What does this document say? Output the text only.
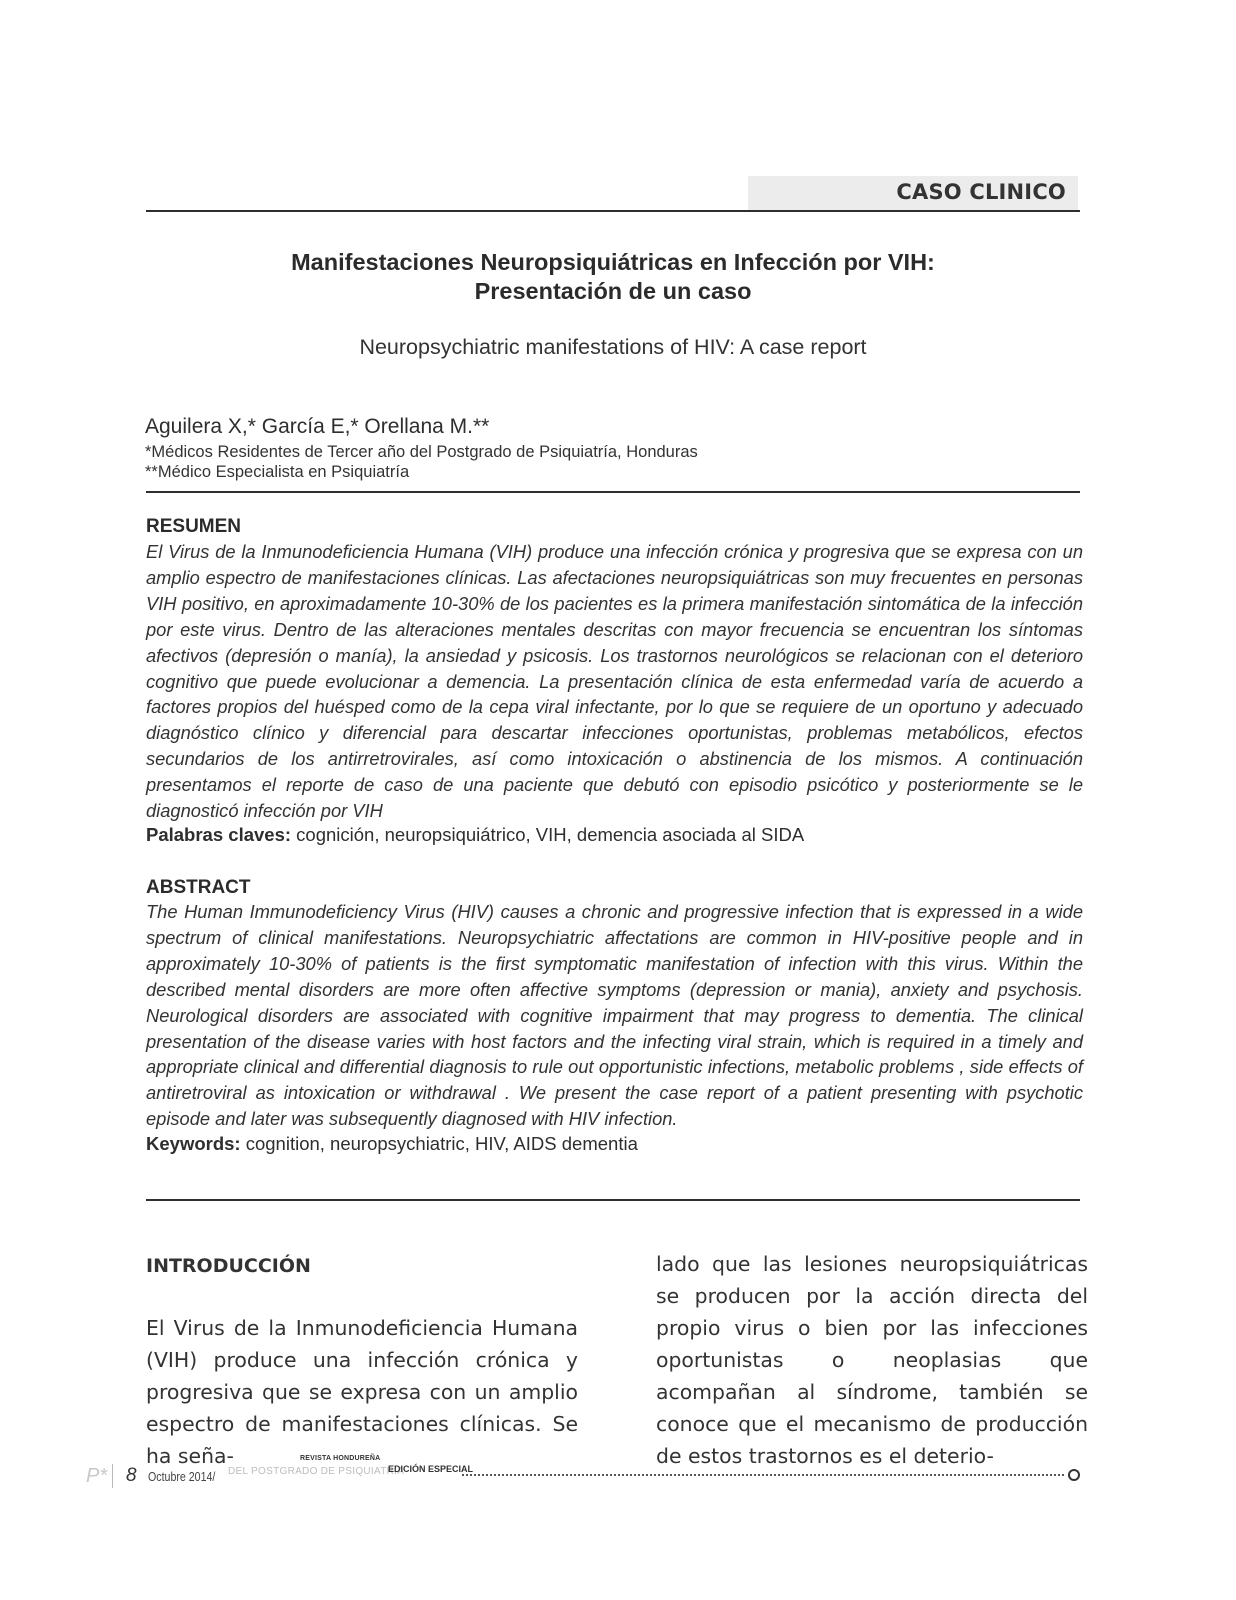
CASO CLINICO
Manifestaciones Neuropsiquiátricas en Infección por VIH:
Presentación de un caso
Neuropsychiatric manifestations of HIV: A case report
Aguilera X,* García E,* Orellana M.**
*Médicos Residentes de Tercer año del Postgrado de Psiquiatría, Honduras
**Médico Especialista en Psiquiatría
RESUMEN
El Virus de la Inmunodeficiencia Humana (VIH) produce una infección crónica y progresiva que se expresa con un amplio espectro de manifestaciones clínicas. Las afectaciones neuropsiquiátricas son muy frecuentes en personas VIH positivo, en aproximadamente 10-30% de los pacientes es la primera manifestación sintomática de la infección por este virus. Dentro de las alteraciones mentales descritas con mayor frecuencia se encuentran los síntomas afectivos (depresión o manía), la ansiedad y psicosis. Los trastornos neurológicos se relacionan con el deterioro cognitivo que puede evolucionar a demencia. La presentación clínica de esta enfermedad varía de acuerdo a factores propios del huésped como de la cepa viral infectante, por lo que se requiere de un oportuno y adecuado diagnóstico clínico y diferencial para descartar infecciones oportunistas, problemas metabólicos, efectos secundarios de los antirretrovirales, así como intoxicación o abstinencia de los mismos. A continuación presentamos el reporte de caso de una paciente que debutó con episodio psicótico y posteriormente se le diagnosticó infección por VIH
Palabras claves: cognición, neuropsiquiátrico, VIH, demencia asociada al SIDA
ABSTRACT
The Human Immunodeficiency Virus (HIV) causes a chronic and progressive infection that is expressed in a wide spectrum of clinical manifestations. Neuropsychiatric affectations are common in HIV-positive people and in approximately 10-30% of patients is the first symptomatic manifestation of infection with this virus. Within the described mental disorders are more often affective symptoms (depression or mania), anxiety and psychosis. Neurological disorders are associated with cognitive impairment that may progress to dementia. The clinical presentation of the disease varies with host factors and the infecting viral strain, which is required in a timely and appropriate clinical and differential diagnosis to rule out opportunistic infections, metabolic problems , side effects of antiretroviral as intoxication or withdrawal . We present the case report of a patient presenting with psychotic episode and later was subsequently diagnosed with HIV infection.
Keywords: cognition, neuropsychiatric, HIV, AIDS dementia
INTRODUCCIÓN
El Virus de la Inmunodeficiencia Humana (VIH) produce una infección crónica y progresiva que se expresa con un amplio espectro de manifestaciones clínicas. Se ha seña-
lado que las lesiones neuropsiquiátricas se producen por la acción directa del propio virus o bien por las infecciones oportunistas o neoplasias que acompañan al síndrome, también se conoce que el mecanismo de producción de estos trastornos es el deterio-
P* 8 Octubre 2014/
REVISTA HONDUREÑA
DEL POSTGRADO DE PSIQUIATRIA
EDICIÓN ESPECIAL
